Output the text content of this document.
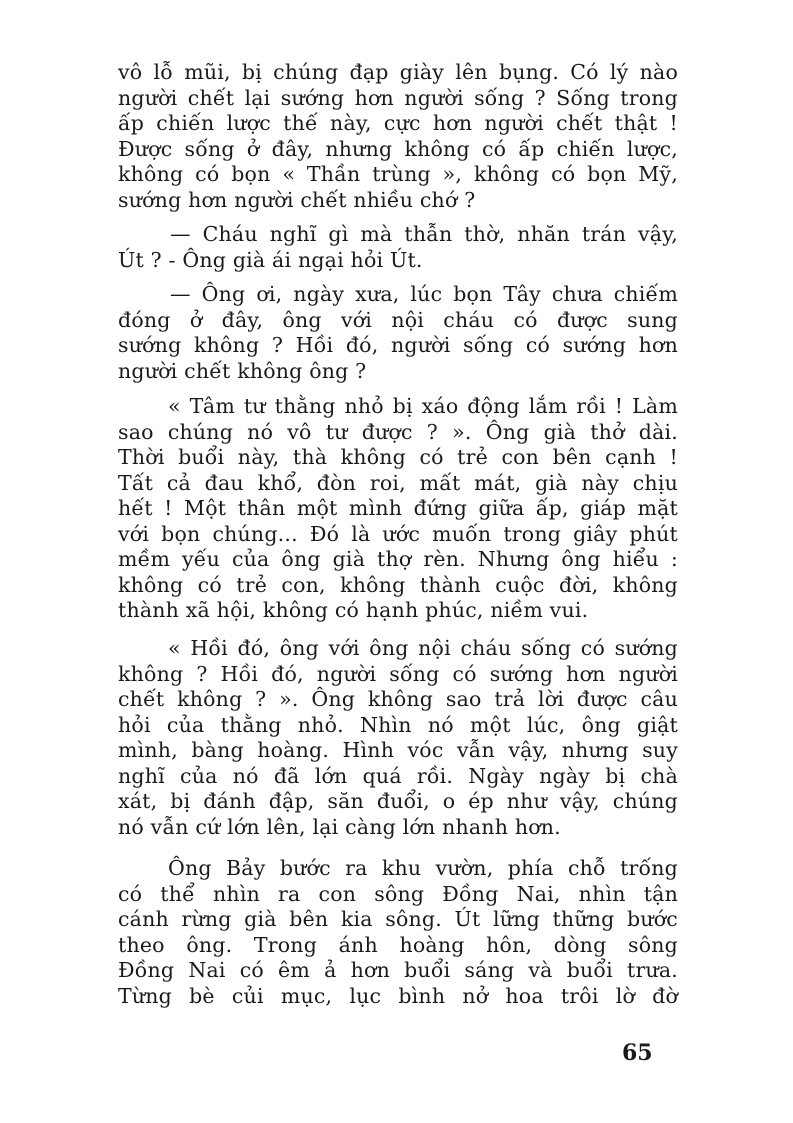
vô lỗ mũi, bị chúng đạp giày lên bụng. Có lý nào
người chết lại sướng hơn người sống ? Sống trong
ấp chiến lược thế này, cực hơn người chết thật !
Được sống ở đây, nhưng không có ấp chiến lược,
không có bọn « Thần trùng », không có bọn Mỹ,
sướng hơn người chết nhiều chớ ?
— Cháu nghĩ gì mà thẫn thờ, nhăn trán vậy,
Út ? - Ông già ái ngại hỏi Út.
— Ông ơi, ngày xưa, lúc bọn Tây chưa chiếm
đóng ở đây, ông với nội cháu có được sung
sướng không ? Hồi đó, người sống có sướng hơn
người chết không ông ?
« Tâm tư thằng nhỏ bị xáo động lắm rồi ! Làm
sao chúng nó vô tư được ? ». Ông già thở dài.
Thời buổi này, thà không có trẻ con bên cạnh !
Tất cả đau khổ, đòn roi, mất mát, già này chịu
hết ! Một thân một mình đứng giữa ấp, giáp mặt
với bọn chúng... Đó là ước muốn trong giây phút
mềm yếu của ông già thợ rèn. Nhưng ông hiểu :
không có trẻ con, không thành cuộc đời, không
thành xã hội, không có hạnh phúc, niềm vui.
« Hồi đó, ông với ông nội cháu sống có sướng
không ? Hồi đó, người sống có sướng hơn người
chết không ? ». Ông không sao trả lời được câu
hỏi của thằng nhỏ. Nhìn nó một lúc, ông giật
mình, bàng hoàng. Hình vóc vẫn vậy, nhưng suy
nghĩ của nó đã lớn quá rồi. Ngày ngày bị chà
xát, bị đánh đập, săn đuổi, o ép như vậy, chúng
nó vẫn cứ lớn lên, lại càng lớn nhanh hơn.
Ông Bảy bước ra khu vườn, phía chỗ trống
có thể nhìn ra con sông Đồng Nai, nhìn tận
cánh rừng già bên kia sông. Út lững thững bước
theo ông. Trong ánh hoàng hôn, dòng sông
Đồng Nai có êm ả hơn buổi sáng và buổi trưa.
Từng bè củi mục, lục bình nở hoa trôi lờ đờ
65
